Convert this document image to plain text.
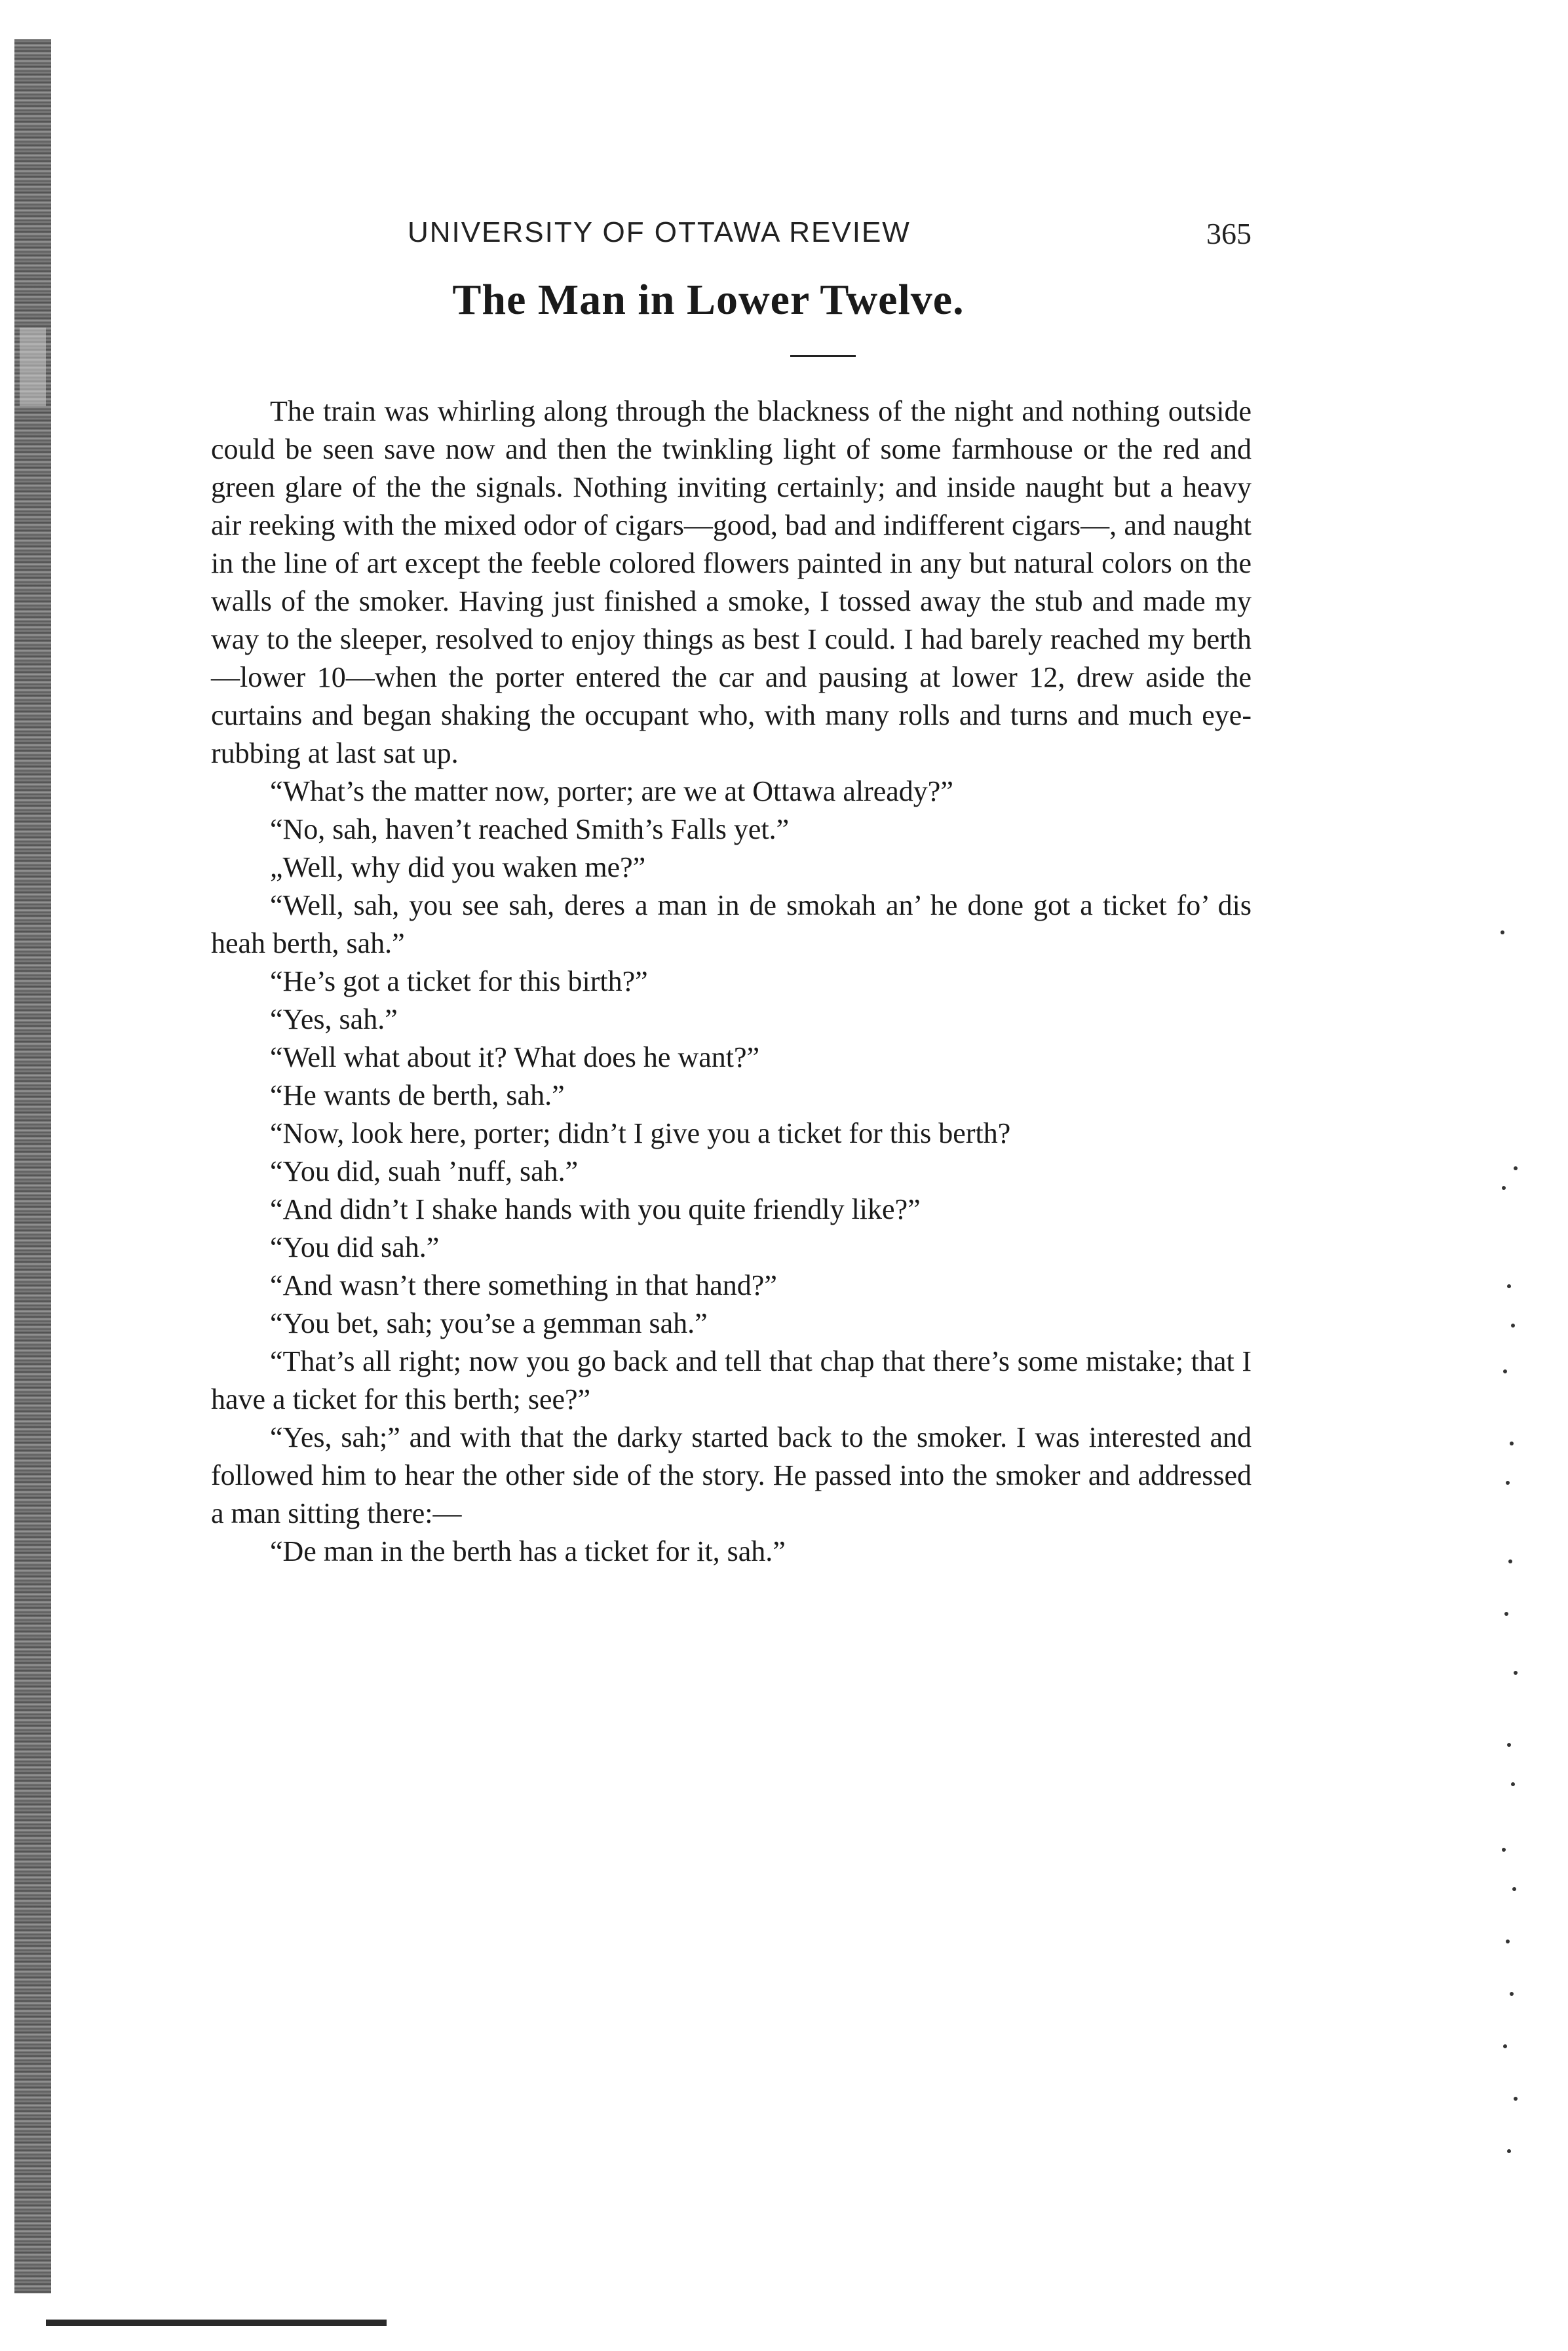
UNIVERSITY OF OTTAWA REVIEW	365
The Man in Lower Twelve.

The train was whirling along through the blackness of the night and nothing outside could be seen save now and then the twinkling light of some farmhouse or the red and green glare of the the signals. Nothing inviting certainly; and inside naught but a heavy air reeking with the mixed odor of cigars—good, bad and indifferent cigars—, and naught in the line of art except the feeble colored flowers painted in any but natural colors on the walls of the smoker. Having just finished a smoke, I tossed away the stub and made my way to the sleeper, resolved to enjoy things as best I could. I had barely reached my berth—lower 10—when the porter entered the car and pausing at lower 12, drew aside the curtains and began shaking the occupant who, with many rolls and turns and much eye-rubbing at last sat up.

“What’s the matter now, porter; are we at Ottawa already?”

“No, sah, haven’t reached Smith’s Falls yet.”

„Well, why did you waken me?”

“Well, sah, you see sah, deres a man in de smokah an’ he done got a ticket fo’ dis heah berth, sah.”

“He’s got a ticket for this birth?”

“Yes, sah.”

“Well what about it? What does he want?”

“He wants de berth, sah.”

“Now, look here, porter; didn’t I give you a ticket for this berth?

“You did, suah ’nuff, sah.”

“And didn’t I shake hands with you quite friendly like?”

“You did sah.”

“And wasn’t there something in that hand?”

“You bet, sah; you’se a gemman sah.”

“That’s all right; now you go back and tell that chap that there’s some mistake; that I have a ticket for this berth; see?”

“Yes, sah;” and with that the darky started back to the smoker. I was interested and followed him to hear the other side of the story. He passed into the smoker and addressed a man sitting there:—

“De man in the berth has a ticket for it, sah.”
